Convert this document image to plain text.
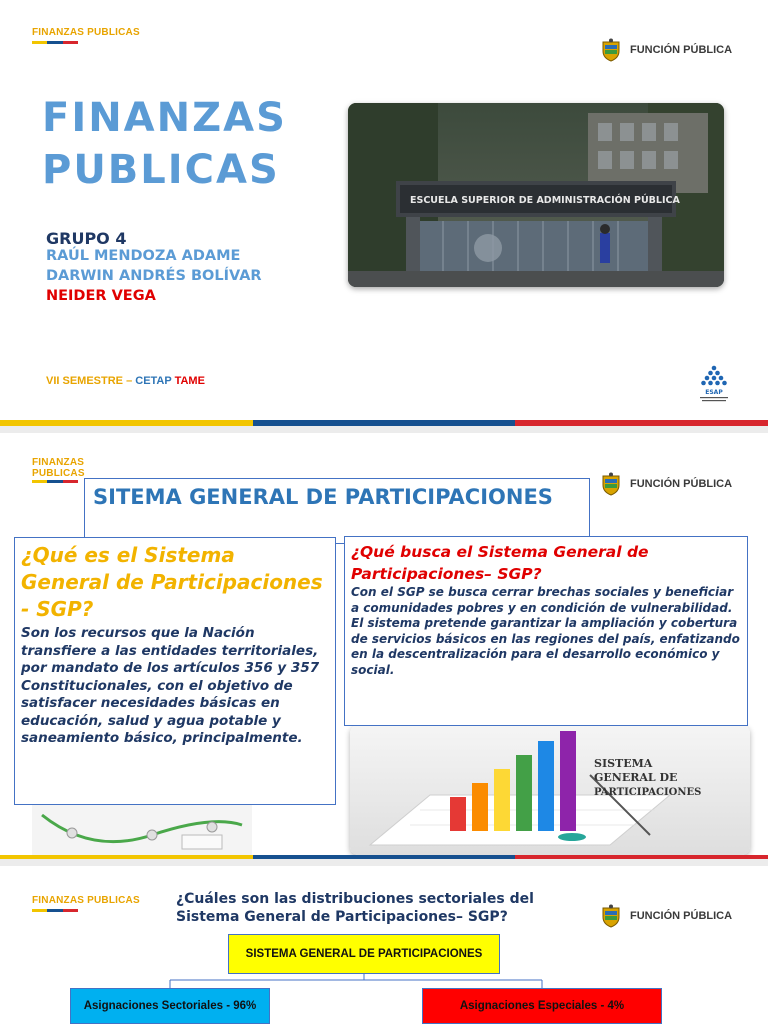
FINANZAS PUBLICAS
FUNCIÓN PÚBLICA
FINANZAS PUBLICAS
GRUPO 4
RAÚL MENDOZA ADAME
DARWIN ANDRÉS BOLÍVAR
NEIDER VEGA
VII SEMESTRE – CETAP TAME
ESCUELA SUPERIOR DE ADMINISTRACIÓN PÚBLICA
ESAP
FINANZAS PUBLICAS
FUNCIÓN PÚBLICA
SITEMA GENERAL DE PARTICIPACIONES
¿Qué es el Sistema General de Participaciones - SGP?
Son los recursos que la Nación transfiere a las entidades territoriales, por mandato de los artículos 356 y 357 Constitucionales, con el objetivo de satisfacer necesidades básicas en educación, salud y agua potable y saneamiento básico, principalmente.
SISTEMA
GENERAL DE
PARTICIPACIONES
¿Qué busca el Sistema General de Participaciones– SGP?
Con el SGP se busca cerrar brechas sociales y beneficiar a comunidades pobres y en condición de vulnerabilidad. El sistema pretende garantizar la ampliación y cobertura de servicios básicos en las regiones del país, enfatizando en la descentralización para el desarrollo económico y social.
FINANZAS PUBLICAS
FUNCIÓN PÚBLICA
¿Cuáles son las distribuciones sectoriales del Sistema General de Participaciones– SGP?
SISTEMA GENERAL DE PARTICIPACIONES
Asignaciones Sectoriales - 96%	Asignaciones Especiales - 4%
